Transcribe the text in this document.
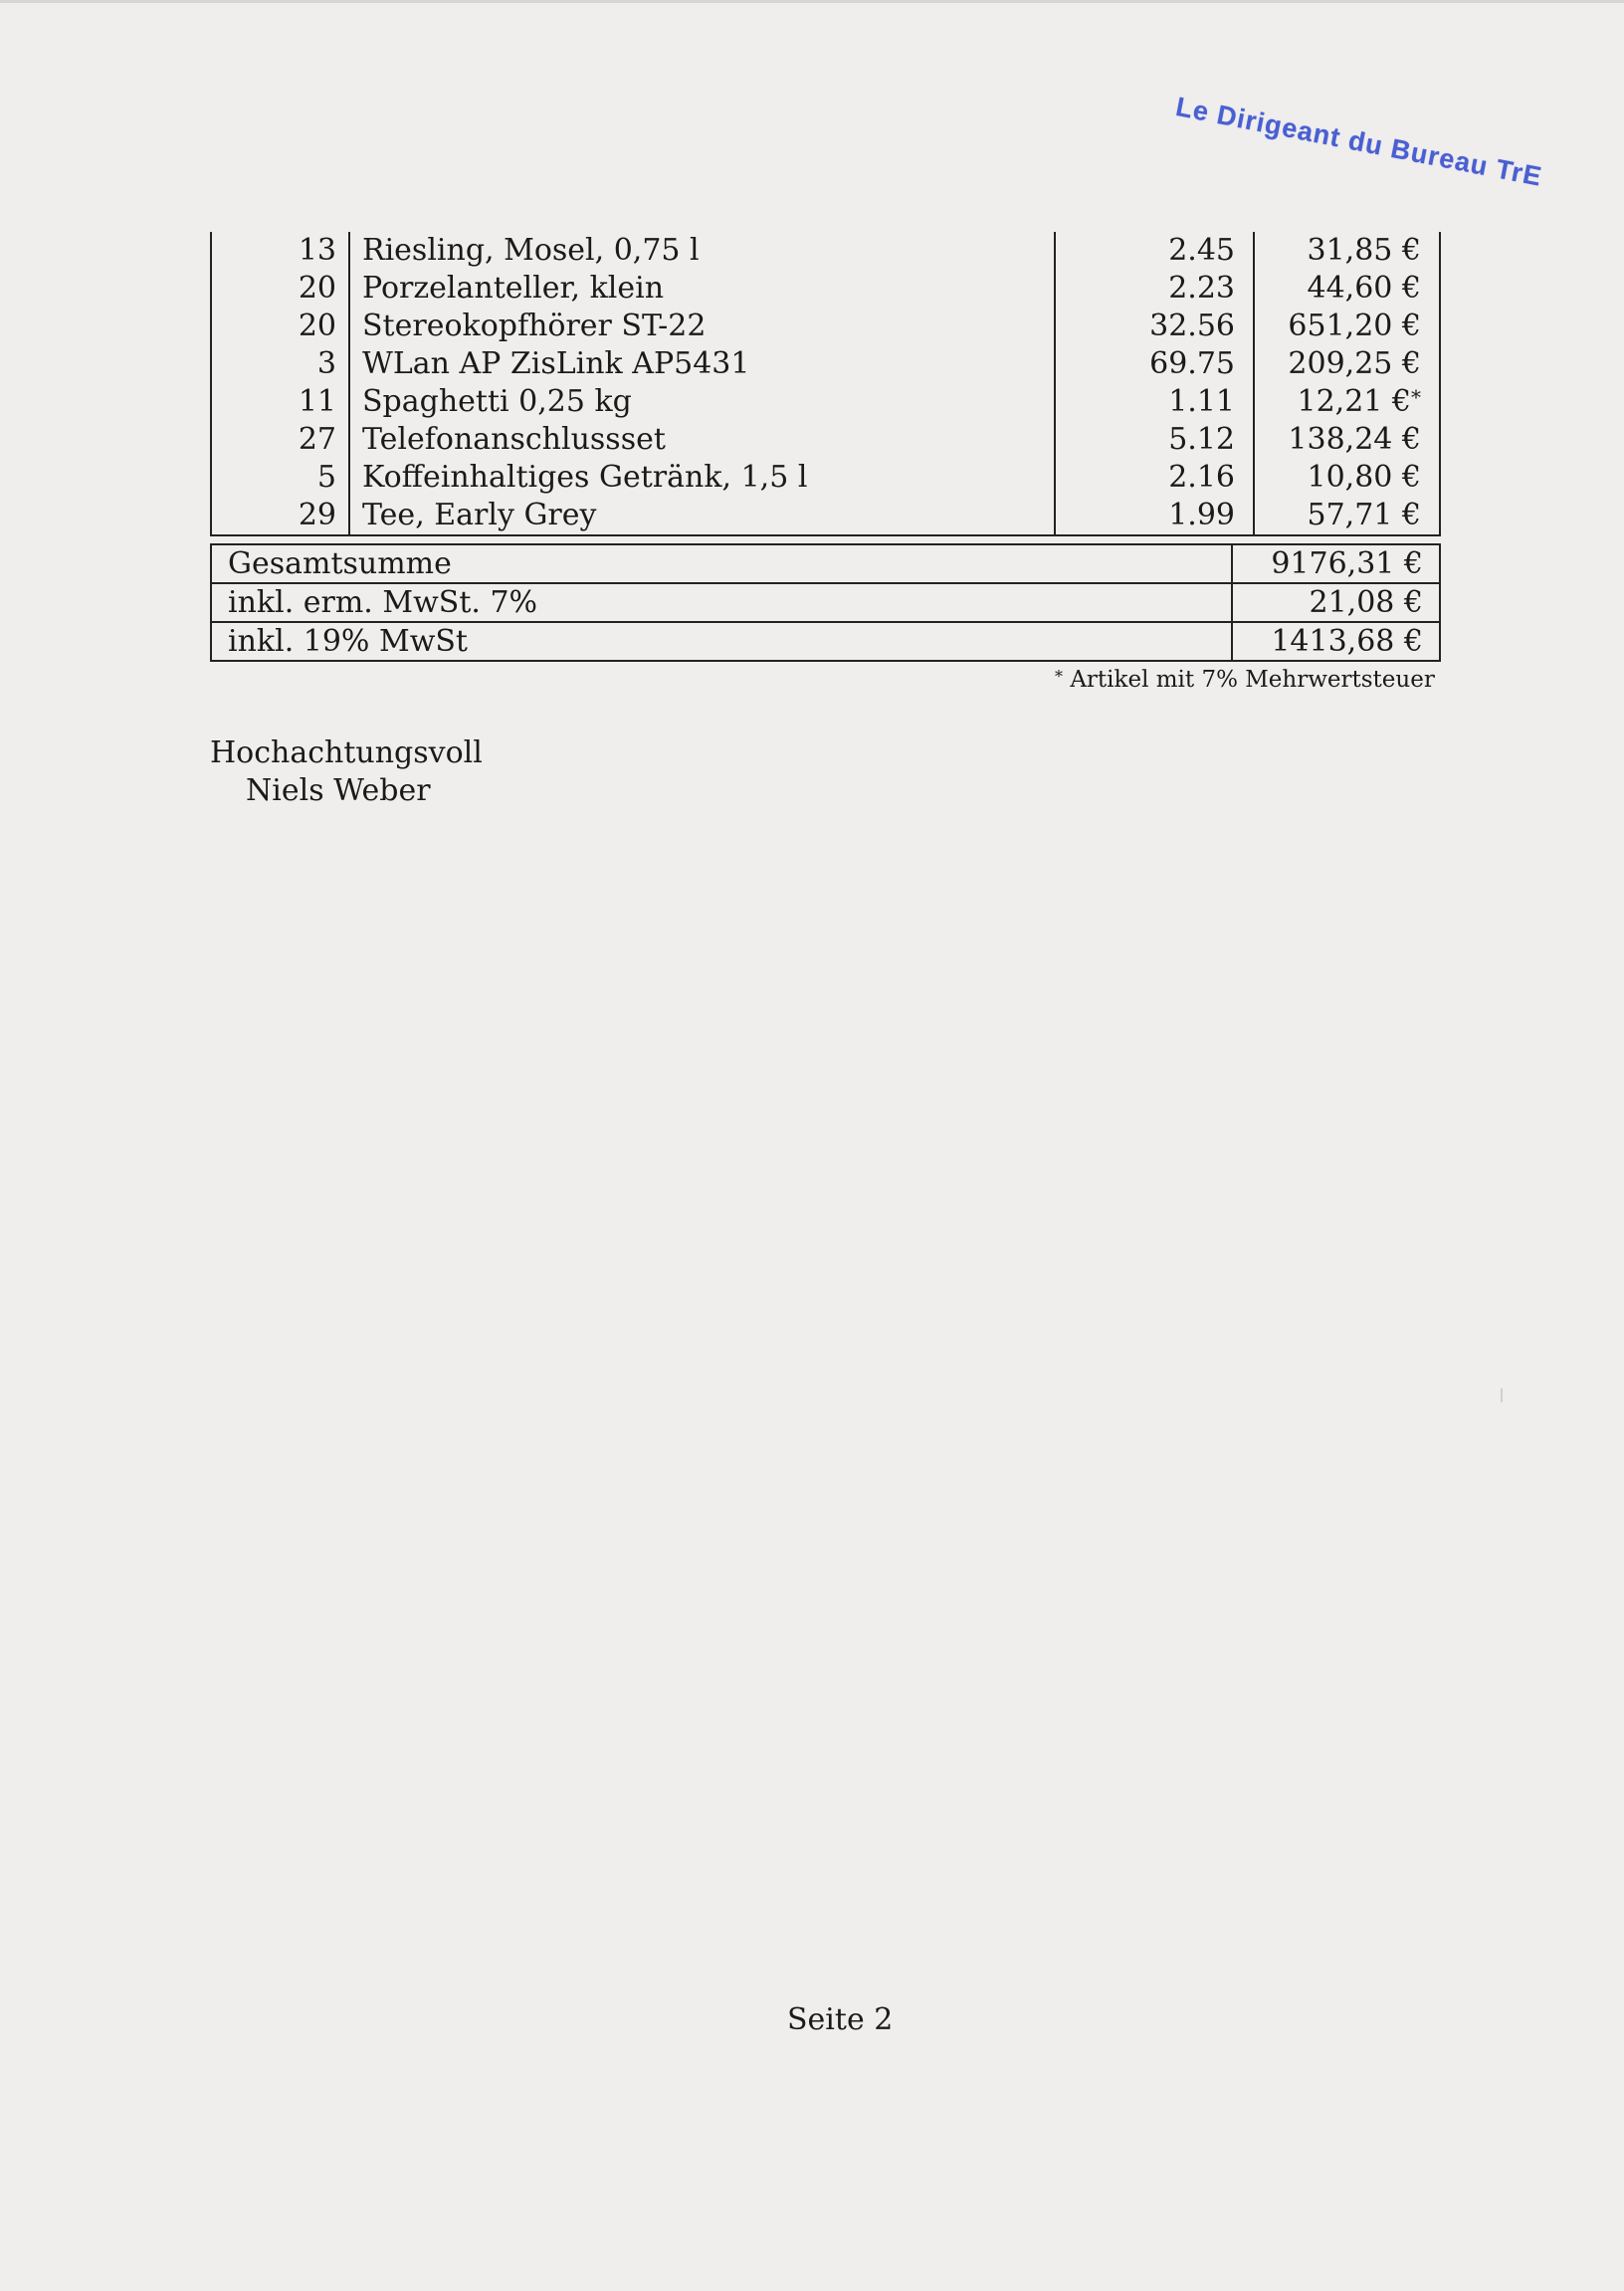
Le Dirigeant du Bureau TrE
13	Riesling, Mosel, 0,75 l	2.45	31,85 €
20	Porzelanteller, klein	2.23	44,60 €
20	Stereokopfhörer ST-22	32.56	651,20 €
3	WLan AP ZisLink AP5431	69.75	209,25 €
11	Spaghetti 0,25 kg	1.11	12,21 €*
27	Telefonanschlussset	5.12	138,24 €
5	Koffeinhaltiges Getränk, 1,5 l	2.16	10,80 €
29	Tee, Early Grey	1.99	57,71 €
Gesamtsumme	9176,31 €
inkl. erm. MwSt. 7%	21,08 €
inkl. 19% MwSt	1413,68 €
* Artikel mit 7% Mehrwertsteuer
Hochachtungsvoll
Niels Weber
Seite 2
